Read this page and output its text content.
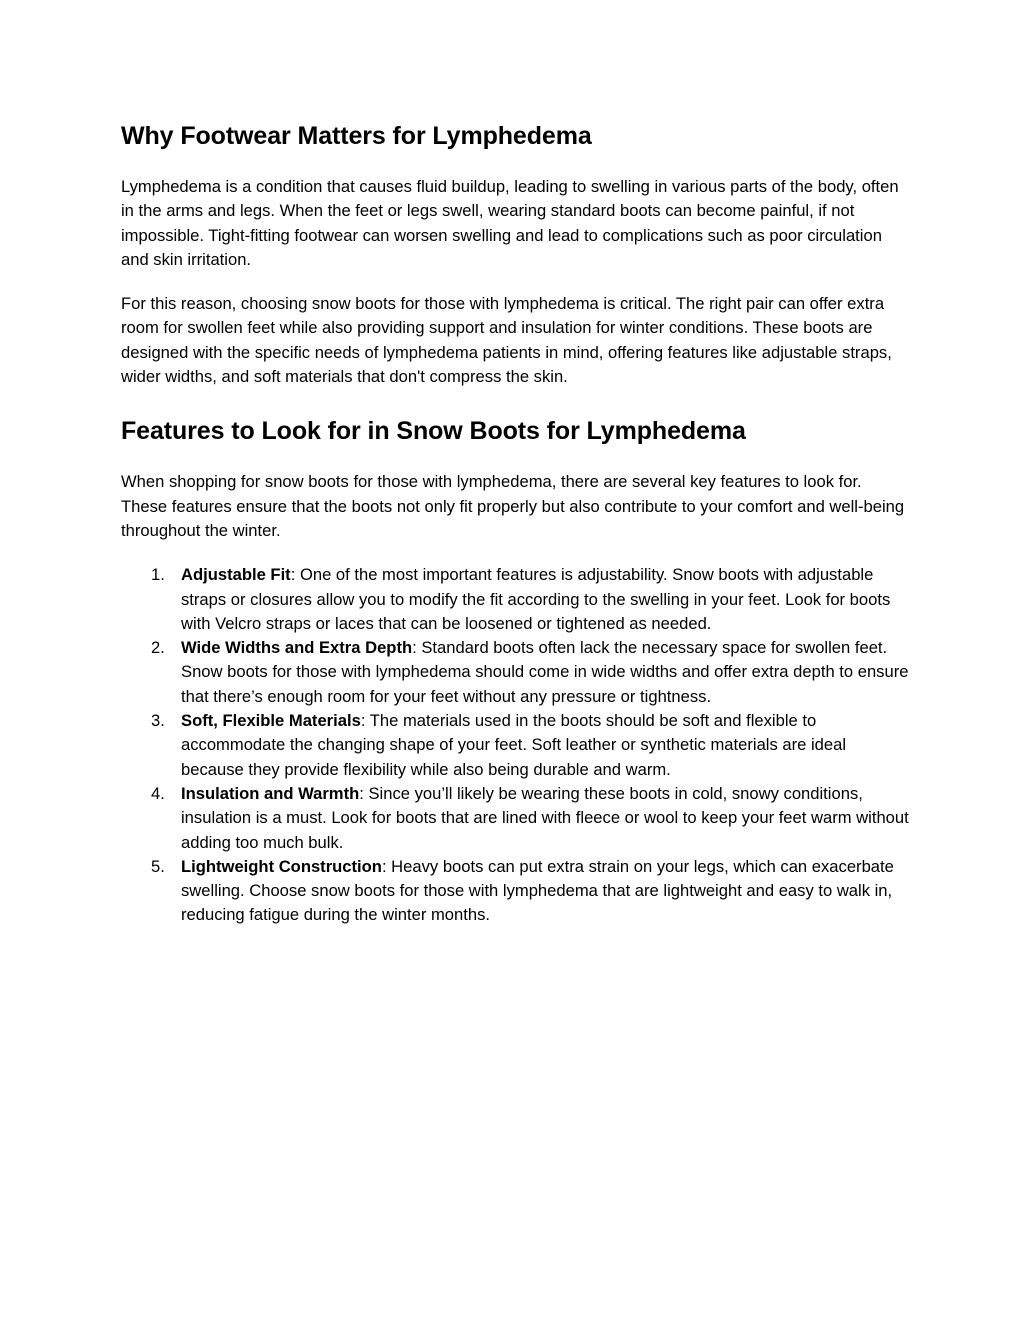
Why Footwear Matters for Lymphedema

Lymphedema is a condition that causes fluid buildup, leading to swelling in various parts of the body, often in the arms and legs. When the feet or legs swell, wearing standard boots can become painful, if not impossible. Tight-fitting footwear can worsen swelling and lead to complications such as poor circulation and skin irritation.

For this reason, choosing snow boots for those with lymphedema is critical. The right pair can offer extra room for swollen feet while also providing support and insulation for winter conditions. These boots are designed with the specific needs of lymphedema patients in mind, offering features like adjustable straps, wider widths, and soft materials that don't compress the skin.

Features to Look for in Snow Boots for Lymphedema

When shopping for snow boots for those with lymphedema, there are several key features to look for. These features ensure that the boots not only fit properly but also contribute to your comfort and well-being throughout the winter.

1. Adjustable Fit: One of the most important features is adjustability. Snow boots with adjustable straps or closures allow you to modify the fit according to the swelling in your feet. Look for boots with Velcro straps or laces that can be loosened or tightened as needed.
2. Wide Widths and Extra Depth: Standard boots often lack the necessary space for swollen feet. Snow boots for those with lymphedema should come in wide widths and offer extra depth to ensure that there’s enough room for your feet without any pressure or tightness.
3. Soft, Flexible Materials: The materials used in the boots should be soft and flexible to accommodate the changing shape of your feet. Soft leather or synthetic materials are ideal because they provide flexibility while also being durable and warm.
4. Insulation and Warmth: Since you’ll likely be wearing these boots in cold, snowy conditions, insulation is a must. Look for boots that are lined with fleece or wool to keep your feet warm without adding too much bulk.
5. Lightweight Construction: Heavy boots can put extra strain on your legs, which can exacerbate swelling. Choose snow boots for those with lymphedema that are lightweight and easy to walk in, reducing fatigue during the winter months.
